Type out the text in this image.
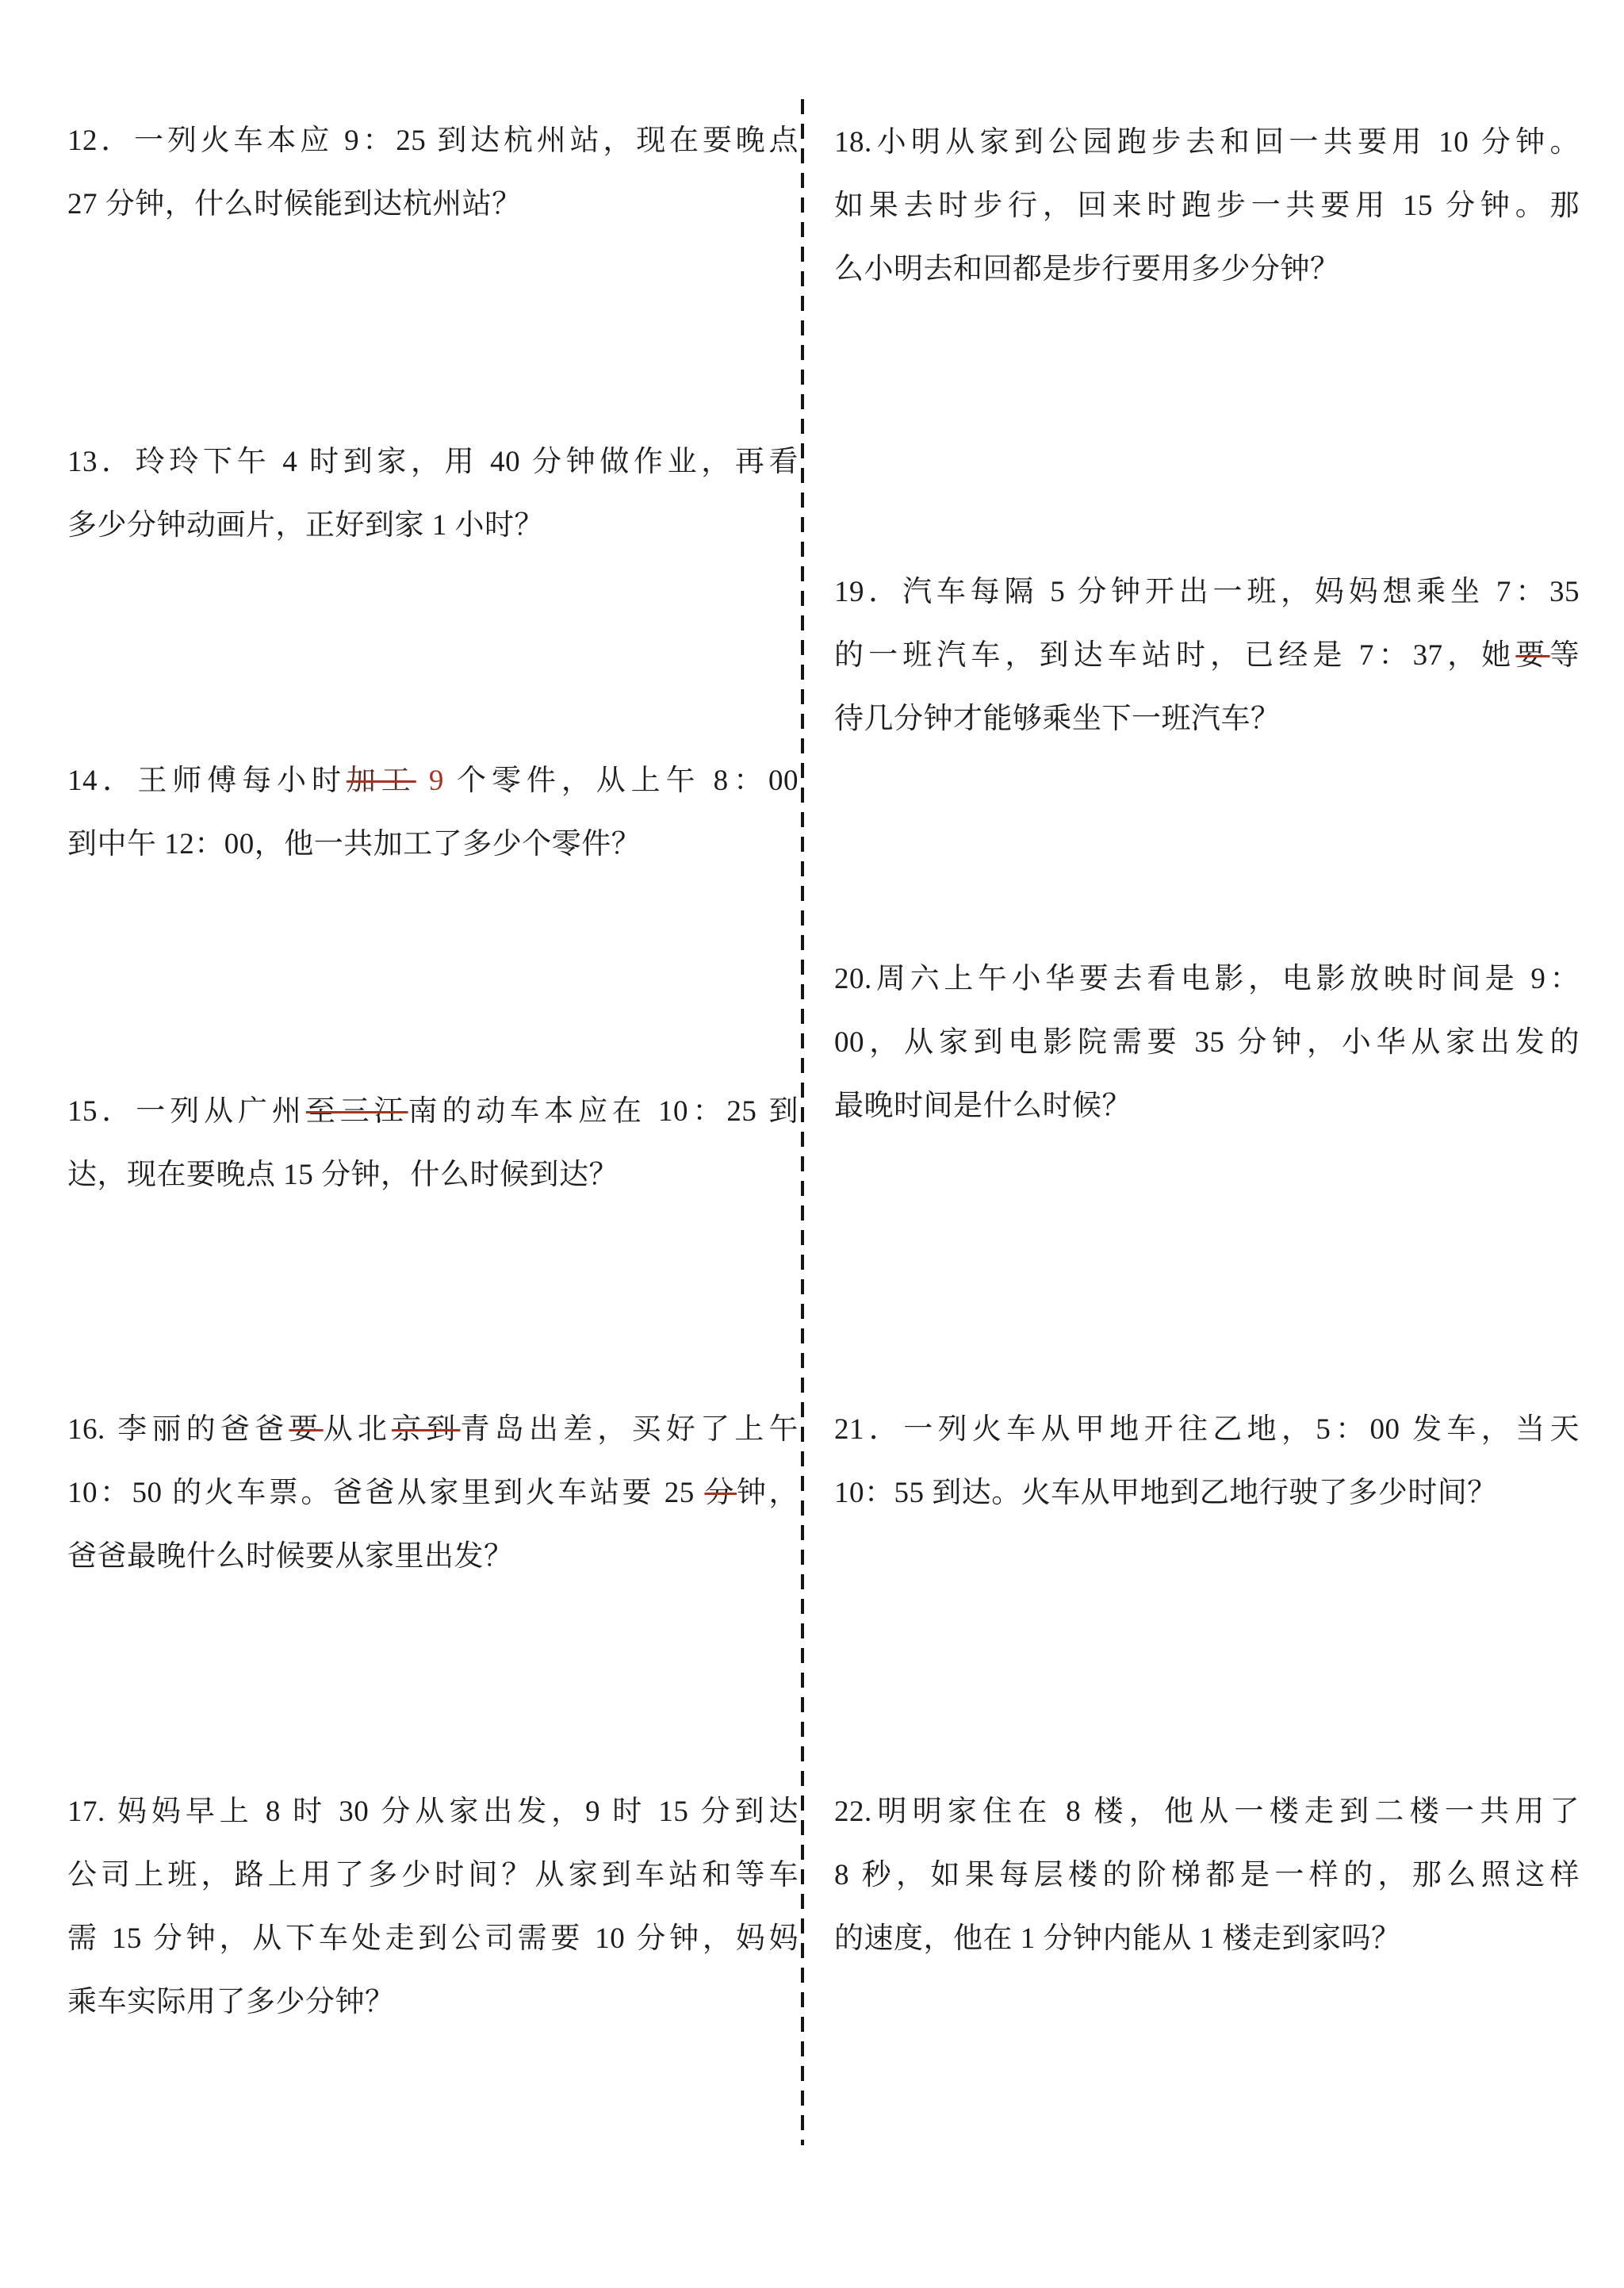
12．一列火车本应 9：25 到达杭州站，现在要晚点
27 分钟，什么时候能到达杭州站？
13．玲玲下午 4 时到家，用 40 分钟做作业，再看
多少分钟动画片，正好到家 1 小时？
14．王师傅每小时加工 9 个零件，从上午 8：00
到中午 12：00，他一共加工了多少个零件？
15．一列从广州至三江南的动车本应在 10：25 到
达，现在要晚点 15 分钟，什么时候到达？
16. 李丽的爸爸要从北京到青岛出差，买好了上午
10：50 的火车票。爸爸从家里到火车站要 25 分钟，
爸爸最晚什么时候要从家里出发？
17. 妈妈早上 8 时 30 分从家出发，9 时 15 分到达
公司上班，路上用了多少时间？从家到车站和等车
需 15 分钟，从下车处走到公司需要 10 分钟，妈妈
乘车实际用了多少分钟？
18.小明从家到公园跑步去和回一共要用 10 分钟。
如果去时步行，回来时跑步一共要用 15 分钟。那
么小明去和回都是步行要用多少分钟？
19．汽车每隔 5 分钟开出一班，妈妈想乘坐 7：35
的一班汽车，到达车站时，已经是 7：37，她要等
待几分钟才能够乘坐下一班汽车？
20.周六上午小华要去看电影，电影放映时间是 9：
00，从家到电影院需要 35 分钟，小华从家出发的
最晚时间是什么时候？
21．一列火车从甲地开往乙地，5：00 发车，当天
10：55 到达。火车从甲地到乙地行驶了多少时间？
22.明明家住在 8 楼，他从一楼走到二楼一共用了
8 秒，如果每层楼的阶梯都是一样的，那么照这样
的速度，他在 1 分钟内能从 1 楼走到家吗？
